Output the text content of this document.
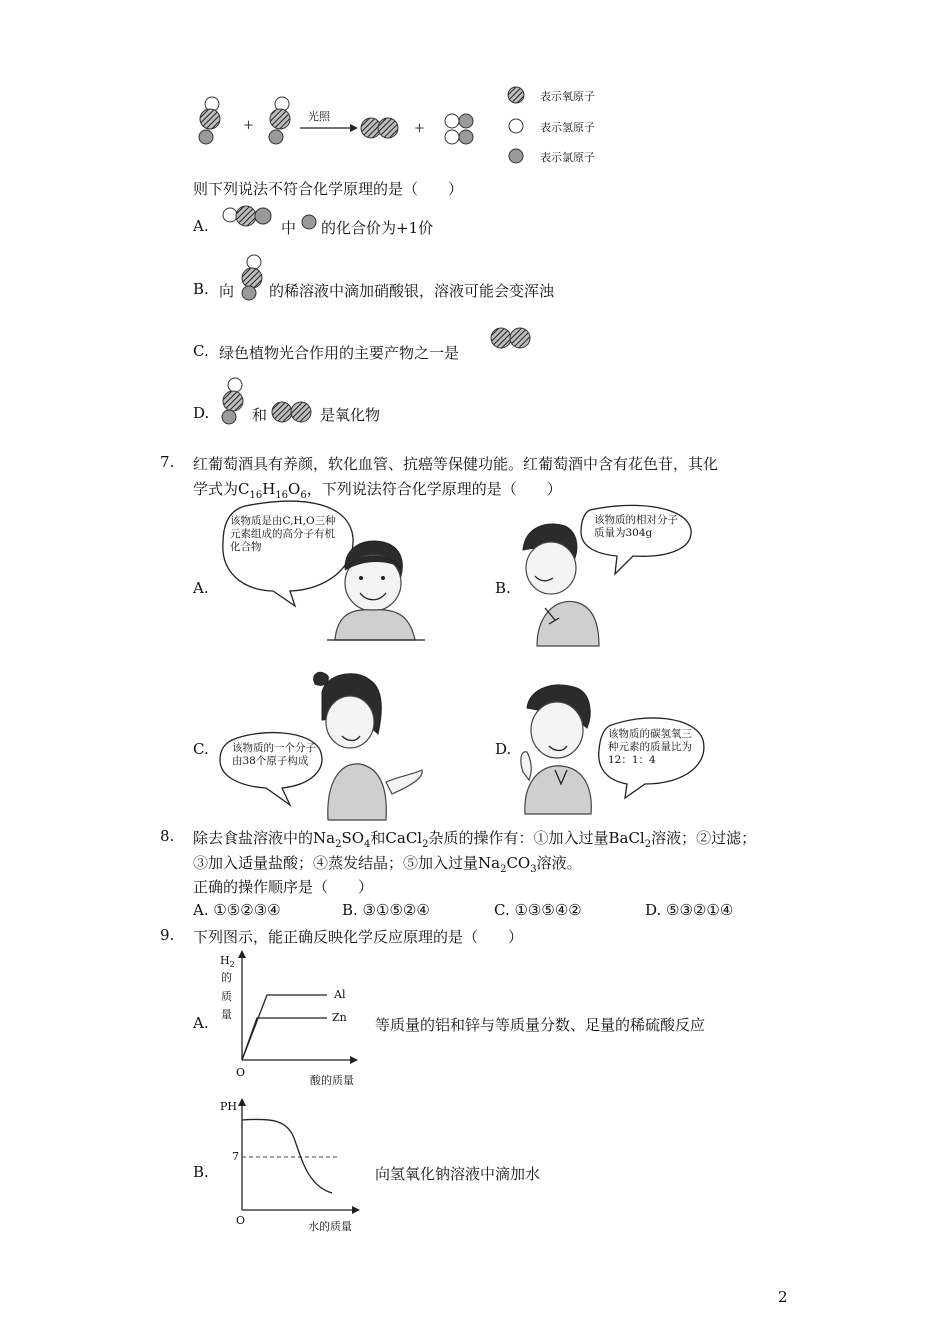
+	+
光照
表示氧原子
表示氢原子
表示氯原子
则下列说法不符合化学原理的是（　　）
A.	中 的化合价为+1价
B. 向 的稀溶液中滴加硝酸银，溶液可能会变浑浊
C. 绿色植物光合作用的主要产物之一是
D.	和	是氧化物
7. 红葡萄酒具有养颜，软化血管、抗癌等保健功能。红葡萄酒中含有花色苷，其化
学式为$C_{16}H_{16}O_6$，下列说法符合化学原理的是（　　）
A.
该物质是由C,H,O三种元素组成的高分子有机化合物
B.
该物质的相对分子质量为304g
C. 该物质的一个分子由38个原子构成
D.
该物质的碳氢氧三种元素的质量比为12：1：4
8. 除去食盐溶液中的$Na_2SO_4$和CaCl$_2$杂质的操作有：①加入过量BaCl$_2$溶液；②过滤；
③加入适量盐酸；④蒸发结晶；⑤加入过量$Na_2CO_3$溶液。
正确的操作顺序是（　　）
A. ①⑤②③④	B. ③①⑤②④	C. ①③⑤④②	D. ⑤③②①④
9. 下列图示，能正确反映化学反应原理的是（　　）
A.
$H_2$
的
质
量
Al
Zn
O
酸的质量
等质量的铝和锌与等质量分数、足量的稀硫酸反应
B.
PH
7
O	水的质量
向氢氧化钠溶液中滴加水
2
